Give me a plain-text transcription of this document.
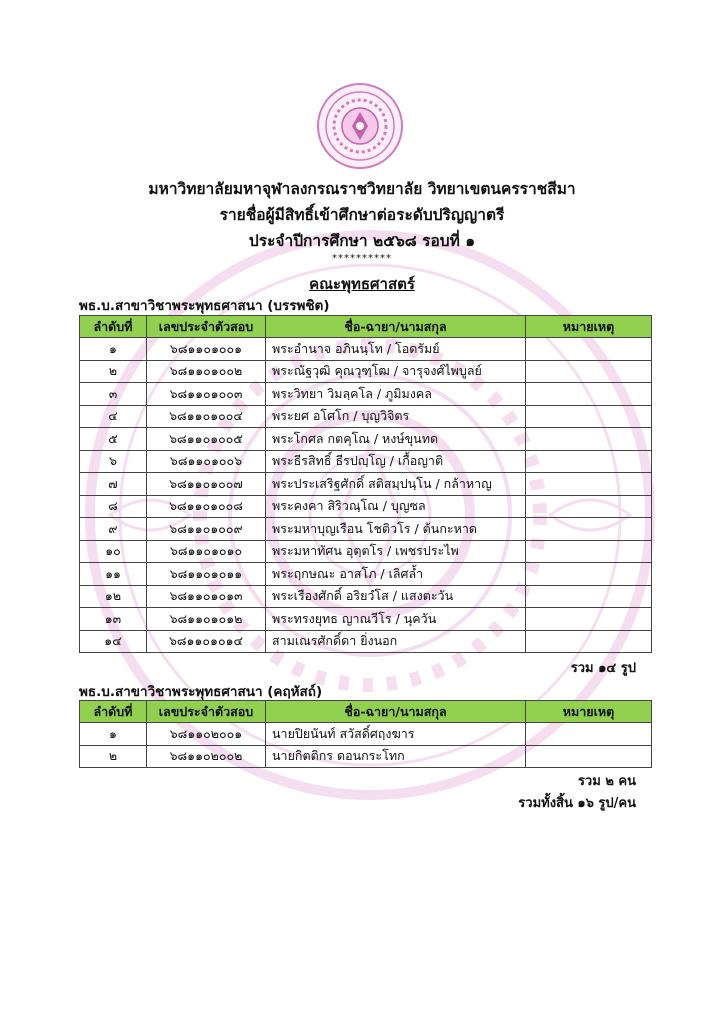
มหาวิทยาลัยมหาจุฬาลงกรณราชวิทยาลัย วิทยาเขตนครราชสีมา
รายชื่อผู้มีสิทธิ์เข้าศึกษาต่อระดับปริญญาตรี
ประจำปีการศึกษา ๒๕๖๘ รอบที่ ๑
**********
คณะพุทธศาสตร์
พธ.บ.สาขาวิชาพระพุทธศาสนา (บรรพชิต)
ลำดับที่	เลขประจำตัวสอบ	ชื่อ-ฉายา/นามสกุล	หมายเหตุ
๑	๖๘๑๑๐๑๐๐๑	พระอำนาจ อภินนฺโท / โอดรัมย์	
๒	๖๘๑๑๐๑๐๐๒	พระณัฐวุฒิ คุณวุฑฺโฒ / จารุจงศ์ไพบูลย์	
๓	๖๘๑๑๐๑๐๐๓	พระวิทยา วิมลฺคโล / ภูมิมงคล	
๔	๖๘๑๑๐๑๐๐๔	พระยศ อโศโก / บุญวิจิตร	
๕	๖๘๑๑๐๑๐๐๕	พระโกศล กตคุโณ / หงษ์ขุนทด	
๖	๖๘๑๑๐๑๐๐๖	พระธีรสิทธิ์ ธีรปญฺโญ / เกื้อญาติ	
๗	๖๘๑๑๐๑๐๐๗	พระประเสริฐศักดิ์ สติสมฺปนฺโน / กล้าหาญ	
๘	๖๘๑๑๐๑๐๐๘	พระคงคา สิริวณฺโณ / บุญซล	
๙	๖๘๑๑๐๑๐๐๙	พระมหาบุญเรือน โชติวโร / ต้นกะหาด	
๑๐	๖๘๑๑๐๑๐๑๐	พระมหาทัศน อุตฺตโร / เพชรประไพ	
๑๑	๖๘๑๑๐๑๐๑๑	พระฤกษณะ อาสโภ / เลิศล้ำ	
๑๒	๖๘๑๑๐๑๐๑๓	พระเรืองศักดิ์ อริยวํโส / แสงตะวัน	
๑๓	๖๘๑๑๐๑๐๑๒	พระทรงยุทธ ญาณวีโร / นุควัน	
๑๔	๖๘๑๑๐๑๐๑๔	สามเณรศักดิ์ดา ยิ่งนอก	
รวม ๑๔ รูป
พธ.บ.สาขาวิชาพระพุทธศาสนา (คฤหัสถ์)
ลำดับที่	เลขประจำตัวสอบ	ชื่อ-ฉายา/นามสกุล	หมายเหตุ
๑	๖๘๑๑๐๒๐๐๑	นายปิยนันท์ สวัสดิ์ศฤงฆาร	
๒	๖๘๑๑๐๒๐๐๒	นายกิตติกร ดอนกระโทก	
รวม ๒ คน
รวมทั้งสิ้น ๑๖ รูป/คน
